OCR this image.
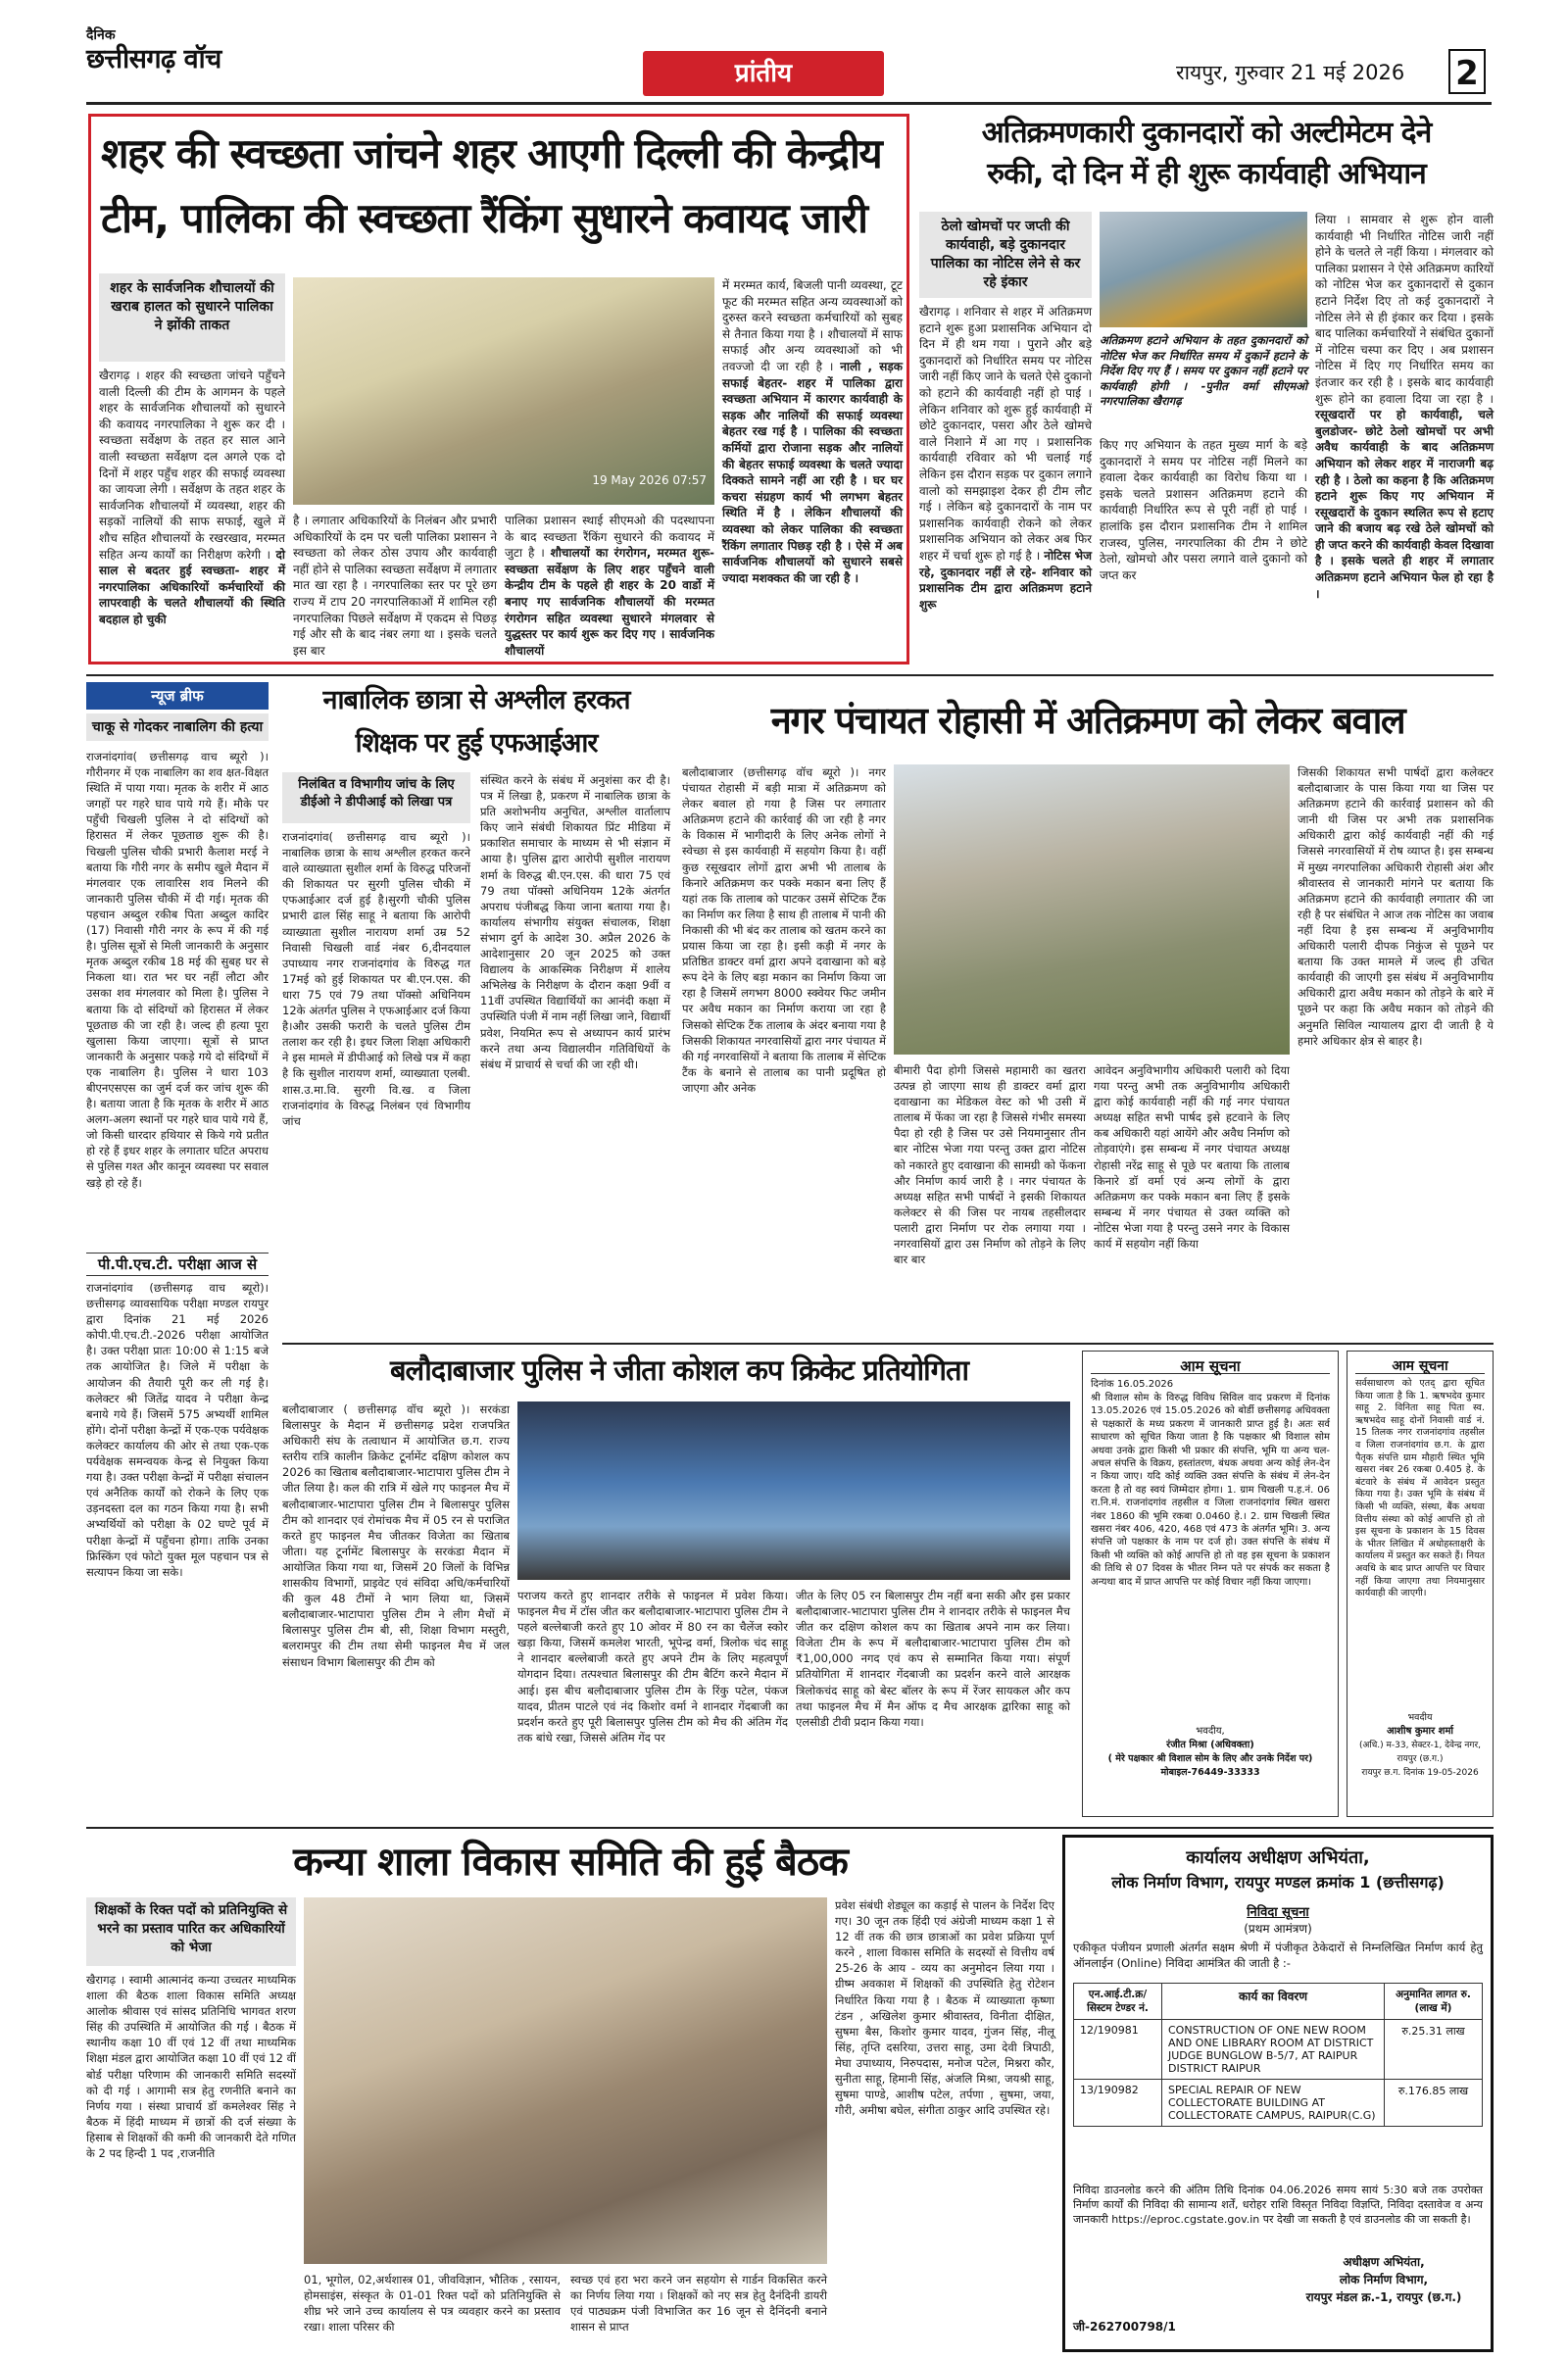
दैनिक
छत्तीसगढ़ वॉच	प्रांतीय	रायपुर, गुरुवार 21 मई 2026 2
शहर की स्वच्छता जांचने शहर आएगी दिल्ली की केन्द्रीय
टीम, पालिका की स्वच्छता रैंकिंग सुधारने कवायद जारी
शहर के सार्वजनिक शौचालयों की खराब हालत को सुधारने पालिका ने झोंकी ताकत
खैरागढ़ । शहर की स्वच्छता जांचने पहुँचने वाली दिल्ली की टीम के आगमन के पहले शहर के सार्वजनिक शौचालयों को सुधारने की कवायद नगरपालिका ने शुरू कर दी । स्वच्छता सर्वेक्षण के तहत हर साल आने वाली स्वच्छता सर्वेक्षण दल अगले एक दो दिनों में शहर पहुँच शहर की सफाई व्यवस्था का जायजा लेगी । सर्वेक्षण के तहत शहर के सार्वजनिक शौचालयों में व्यवस्था, शहर की सड़कों नालियों की साफ सफाई, खुले में शौच सहित शौचालयों के रखरखाव, मरम्मत सहित अन्य कार्यों का निरीक्षण करेगी । दो साल से बदतर हुई स्वच्छता- शहर में नगरपालिका अधिकारियों कर्मचारियों की लापरवाही के चलते शौचालयों की स्थिति बदहाल हो चुकी
19 May 2026 07:57
है । लगातार अधिकारियों के निलंबन और प्रभारी अधिकारियों के दम पर चली पालिका प्रशासन ने स्वच्छता को लेकर ठोस उपाय और कार्यवाही नहीं होने से पालिका स्वच्छता सर्वेक्षण में लगातार मात खा रहा है । नगरपालिका स्तर पर पूरे छग राज्य में टाप 20 नगरपालिकाओं में शामिल रही नगरपालिका पिछले सर्वेक्षण में एकदम से पिछड़ गई और सौ के बाद नंबर लगा था । इसके चलते इस बार
पालिका प्रशासन स्थाई सीएमओ की पदस्थापना के बाद स्वच्छता रैंकिंग सुधारने की कवायद में जुटा है । शौचालयों का रंगरोगन, मरम्मत शुरू- स्वच्छता सर्वेक्षण के लिए शहर पहुँचने वाली केन्द्रीय टीम के पहले ही शहर के 20 वार्डो में बनाए गए सार्वजनिक शौचालयों की मरम्मत रंगरोगन सहित व्यवस्था सुधारने मंगलवार से युद्धस्तर पर कार्य शुरू कर दिए गए । सार्वजनिक शौचालयों
में मरम्मत कार्य, बिजली पानी व्यवस्था, टूट फूट की मरम्मत सहित अन्य व्यवस्थाओं को दुरुस्त करने स्वच्छता कर्मचारियों को सुबह से तैनात किया गया है । शौचालयों में साफ सफाई और अन्य व्यवस्थाओं को भी तवज्जो दी जा रही है । नाली , सड़क सफाई बेहतर- शहर में पालिका द्वारा स्वच्छता अभियान में कारगर कार्यवाही के सड़क और नालियों की सफाई व्यवस्था बेहतर रख गई है । पालिका की स्वच्छता कर्मियों द्वारा रोजाना सड़क और नालियों की बेहतर सफाई व्यवस्था के चलते ज्यादा दिक्कते सामने नहीं आ रही है । घर घर कचरा संग्रहण कार्य भी लगभग बेहतर स्थिति में है । लेकिन शौचालयों की व्यवस्था को लेकर पालिका की स्वच्छता रैंकिंग लगातार पिछड़ रही है । ऐसे में अब सार्वजनिक शौचालयों को सुधारने सबसे ज्यादा मशक्कत की जा रही है ।
अतिक्रमणकारी दुकानदारों को अल्टीमेटम देने
रुकी, दो दिन में ही शुरू कार्यवाही अभियान
ठेलो खोमचों पर जप्ती की कार्यवाही, बड़े दुकानदार पालिका का नोटिस लेने से कर रहे इंकार
खैरागढ़ । शनिवार से शहर में अतिक्रमण हटाने शुरू हुआ प्रशासनिक अभियान दो दिन में ही थम गया । पुराने और बड़े दुकानदारों को निर्धारित समय पर नोटिस जारी नहीं किए जाने के चलते ऐसे दुकानो को हटाने की कार्यवाही नहीं हो पाई । लेकिन शनिवार को शुरू हुई कार्यवाही में छोटे दुकानदार, पसरा और ठेले खोमचे वाले निशाने में आ गए । प्रशासनिक कार्यवाही रविवार को भी चलाई गई लेकिन इस दौरान सड़क पर दुकान लगाने वालो को समझाइश देकर ही टीम लौट गई । लेकिन बड़े दुकानदारों के नाम पर प्रशासनिक कार्यवाही रोकने को लेकर प्रशासनिक अभियान को लेकर अब फिर शहर में चर्चा शुरू हो गई है । नोटिस भेज रहे, दुकानदार नहीं ले रहे- शनिवार को प्रशासनिक टीम द्वारा अतिक्रमण हटाने शुरू
अतिक्रमण हटाने अभियान के तहत दुकानदारों को नोटिस भेज कर निर्धारित समय में दुकानें हटाने के निर्देश दिए गए हैं । समय पर दुकान नहीं हटाने पर कार्यवाही होगी । -पुनीत वर्मा सीएमओ नगरपालिका खैरागढ़
किए गए अभियान के तहत मुख्य मार्ग के बड़े दुकानदारों ने समय पर नोटिस नहीं मिलने का हवाला देकर कार्यवाही का विरोध किया था । इसके चलते प्रशासन अतिक्रमण हटाने की कार्यवाही निर्धारित रूप से पूरी नहीं हो पाई । हालांकि इस दौरान प्रशासनिक टीम ने शामिल राजस्व, पुलिस, नगरपालिका की टीम ने छोटे ठेलो, खोमचो और पसरा लगाने वाले दुकानो को जप्त कर
लिया । सामवार से शुरू होन वाली कार्यवाही भी निर्धारित नोटिस जारी नहीं होने के चलते ले नहीं किया । मंगलवार को पालिका प्रशासन ने ऐसे अतिक्रमण कारियों को नोटिस भेज कर दुकानदारों से दुकान हटाने निर्देश दिए तो कई दुकानदारों ने नोटिस लेने से ही इंकार कर दिया । इसके बाद पालिका कर्मचारियों ने संबंधित दुकानों में नोटिस चस्पा कर दिए । अब प्रशासन नोटिस में दिए गए निर्धारित समय का इंतजार कर रही है । इसके बाद कार्यवाही शुरू होने का हवाला दिया जा रहा है । रसूखदारों पर हो कार्यवाही, चले बुलडोजर- छोटे ठेलो खोमचों पर अभी अवैध कार्यवाही के बाद अतिक्रमण अभियान को लेकर शहर में नाराजगी बढ़ रही है । ठेलो का कहना है कि अतिक्रमण हटाने शुरू किए गए अभियान में रसूखदारों के दुकान स्थलित रूप से हटाए जाने की बजाय बढ़ रखे ठेले खोमचों को ही जप्त करने की कार्यवाही केवल दिखावा है । इसके चलते ही शहर में लगातार अतिक्रमण हटाने अभियान फेल हो रहा है ।
न्यूज ब्रीफ
चाकू से गोदकर नाबालिग की हत्या
राजनांदगांव( छत्तीसगढ़ वाच ब्यूरो )। गौरीनगर में एक नाबालिग का शव क्षत-विक्षत स्थिति में पाया गया। मृतक के शरीर में आठ जगहों पर गहरे घाव पाये गये हैं। मौके पर पहुँची चिखली पुलिस ने दो संदिग्धों को हिरासत में लेकर पूछताछ शुरू की है। चिखली पुलिस चौकी प्रभारी कैलाश मरई ने बताया कि गौरी नगर के समीप खुले मैदान में मंगलवार एक लावारिस शव मिलने की जानकारी पुलिस चौकी में दी गई। मृतक की पहचान अब्दुल रकीब पिता अब्दुल कादिर (17) निवासी गौरी नगर के रूप में की गई है। पुलिस सूत्रों से मिली जानकारी के अनुसार मृतक अब्दुल रकीब 18 मई की सुबह घर से निकला था। रात भर घर नहीं लौटा और उसका शव मंगलवार को मिला है। पुलिस ने बताया कि दो संदिग्धों को हिरासत में लेकर पूछताछ की जा रही है। जल्द ही हत्या पूरा खुलासा किया जाएगा। सूत्रों से प्राप्त जानकारी के अनुसार पकड़े गये दो संदिग्धों में एक नाबालिग है। पुलिस ने धारा 103 बीएनएसएस का जुर्म दर्ज कर जांच शुरू की है। बताया जाता है कि मृतक के शरीर में आठ अलग-अलग स्थानों पर गहरे घाव पाये गये हैं, जो किसी धारदार हथियार से किये गये प्रतीत हो रहे हैं इधर शहर के लगातार घटित अपराध से पुलिस गश्त और कानून व्यवस्था पर सवाल खड़े हो रहे हैं।
पी.पी.एच.टी. परीक्षा आज से
राजनांदगांव (छत्तीसगढ़ वाच ब्यूरो)। छत्तीसगढ़ व्यावसायिक परीक्षा मण्डल रायपुर द्वारा दिनांक 21 मई 2026 कोपी.पी.एच.टी.-2026 परीक्षा आयोजित है। उक्त परीक्षा प्रातः 10:00 से 1:15 बजे तक आयोजित है। जिले में परीक्षा के आयोजन की तैयारी पूरी कर ली गई है। कलेक्टर श्री जितेंद्र यादव ने परीक्षा केन्द्र बनाये गये हैं। जिसमें 575 अभ्यर्थी शामिल होंगे। दोनों परीक्षा केन्द्रों में एक-एक पर्यवेक्षक कलेक्टर कार्यालय की ओर से तथा एक-एक पर्यवेक्षक समन्वयक केन्द्र से नियुक्त किया गया है। उक्त परीक्षा केन्द्रों में परीक्षा संचालन एवं अनैतिक कार्यों को रोकने के लिए एक उड़नदस्ता दल का गठन किया गया है। सभी अभ्यर्थियों को परीक्षा के 02 घण्टे पूर्व में परीक्षा केन्द्रों में पहुँचना होगा। ताकि उनका फ्रिस्किंग एवं फोटो युक्त मूल पहचान पत्र से सत्यापन किया जा सके।
नाबालिक छात्रा से अश्लील हरकत
शिक्षक पर हुई एफआईआर
निलंबित व विभागीय जांच के लिए डीईओ ने डीपीआई को लिखा पत्र
राजनांदगांव( छत्तीसगढ़ वाच ब्यूरो )। नाबालिक छात्रा के साथ अश्लील हरकत करने वाले व्याख्याता सुशील शर्मा के विरुद्ध परिजनों की शिकायत पर सुरगी पुलिस चौकी में एफआईआर दर्ज हुई है।सुरगी चौकी पुलिस प्रभारी ढाल सिंह साहू ने बताया कि आरोपी व्याख्याता सुशील नारायण शर्मा उम्र 52 निवासी चिखली वार्ड नंबर 6,दीनदयाल उपाध्याय नगर राजनांदगांव के विरुद्ध गत 17मई को हुई शिकायत पर बी.एन.एस. की धारा 75 एवं 79 तथा पॉक्सो अधिनियम 12के अंतर्गत पुलिस ने एफआईआर दर्ज किया है।और उसकी फरारी के चलते पुलिस टीम तलाश कर रही है। इधर जिला शिक्षा अधिकारी ने इस मामले में डीपीआई को लिखे पत्र में कहा है कि सुशील नारायण शर्मा, व्याख्याता एलबी. शास.उ.मा.वि. सुरगी वि.ख. व जिला राजनांदगांव के विरुद्ध निलंबन एवं विभागीय जांच
संस्थित करने के संबंध में अनुशंसा कर दी है। पत्र में लिखा है, प्रकरण में नाबालिक छात्रा के प्रति अशोभनीय अनुचित, अश्लील वार्तालाप किए जाने संबंधी शिकायत प्रिंट मीडिया में प्रकाशित समाचार के माध्यम से भी संज्ञान में आया है। पुलिस द्वारा आरोपी सुशील नारायण शर्मा के विरुद्ध बी.एन.एस. की धारा 75 एवं 79 तथा पॉक्सो अधिनियम 12के अंतर्गत अपराध पंजीबद्ध किया जाना बताया गया है। कार्यालय संभागीय संयुक्त संचालक, शिक्षा संभाग दुर्ग के आदेश 30. अप्रैल 2026 के आदेशानुसार 20 जून 2025 को उक्त विद्यालय के आकस्मिक निरीक्षण में शालेय अभिलेख के निरीक्षण के दौरान कक्षा 9वीं व 11वीं उपस्थित विद्यार्थियों का आनंदी कक्षा में उपस्थिति पंजी में नाम नहीं लिखा जाने, विद्यार्थी प्रवेश, नियमित रूप से अध्यापन कार्य प्रारंभ करने तथा अन्य विद्यालयीन गतिविधियों के संबंध में प्राचार्य से चर्चा की जा रही थी।
नगर पंचायत रोहासी में अतिक्रमण को लेकर बवाल
बलौदाबाजार (छत्तीसगढ़ वॉच ब्यूरो )। नगर पंचायत रोहासी में बड़ी मात्रा में अतिक्रमण को लेकर बवाल हो गया है जिस पर लगातार अतिक्रमण हटाने की कार्रवाई की जा रही है नगर के विकास में भागीदारी के लिए अनेक लोगों ने स्वेच्छा से इस कार्यवाही में सहयोग किया है। वहीं कुछ रसूखदार लोगों द्वारा अभी भी तालाब के किनारे अतिक्रमण कर पक्के मकान बना लिए हैं यहां तक कि तालाब को पाटकर उसमें सेप्टिक टैंक का निर्माण कर लिया है साथ ही तालाब में पानी की निकासी की भी बंद कर तालाब को खतम करने का प्रयास किया जा रहा है। इसी कड़ी में नगर के प्रतिष्ठित डाक्टर वर्मा द्वारा अपने दवाखाना को बड़े रूप देने के लिए बड़ा मकान का निर्माण किया जा रहा है जिसमें लगभग 8000 स्क्वेयर फिट जमीन पर अवैध मकान का निर्माण कराया जा रहा है जिसको सेप्टिक टैंक तालाब के अंदर बनाया गया है जिसकी शिकायत नगरवासियों द्वारा नगर पंचायत में की गई नगरवासियों ने बताया कि तालाब में सेप्टिक टैंक के बनाने से तालाब का पानी प्रदूषित हो जाएगा और अनेक
बीमारी पैदा होगी जिससे महामारी का खतरा उत्पन्न हो जाएगा साथ ही डाक्टर वर्मा द्वारा दवाखाना का मेडिकल वेस्ट को भी उसी में तालाब में फेंका जा रहा है जिससे गंभीर समस्या पैदा हो रही है जिस पर उसे नियमानुसार तीन बार नोटिस भेजा गया परन्तु उक्त द्वारा नोटिस को नकारते हुए दवाखाना की सामग्री को फेंकना और निर्माण कार्य जारी है । नगर पंचायत के अध्यक्ष सहित सभी पार्षदों ने इसकी शिकायत कलेक्टर से की जिस पर नायब तहसीलदार पलारी द्वारा निर्माण पर रोक लगाया गया । नगरवासियों द्वारा उस निर्माण को तोड़ने के लिए बार बार
आवेदन अनुविभागीय अधिकारी पलारी को दिया गया परन्तु अभी तक अनुविभागीय अधिकारी द्वारा कोई कार्यवाही नहीं की गई नगर पंचायत अध्यक्ष सहित सभी पार्षद इसे हटवाने के लिए कब अधिकारी यहां आयेंगे और अवैध निर्माण को तोड़वाएंगे। इस सम्बन्ध में नगर पंचायत अध्यक्ष रोहासी नरेंद्र साहू से पूछे पर बताया कि तालाब किनारे डॉ वर्मा एवं अन्य लोगों के द्वारा अतिक्रमण कर पक्के मकान बना लिए हैं इसके सम्बन्ध में नगर पंचायत से उक्त व्यक्ति को नोटिस भेजा गया है परन्तु उसने नगर के विकास कार्य में सहयोग नहीं किया
जिसकी शिकायत सभी पार्षदों द्वारा कलेक्टर बलौदाबाजार के पास किया गया था जिस पर अतिक्रमण हटाने की कार्रवाई प्रशासन को की जानी थी जिस पर अभी तक प्रशासनिक अधिकारी द्वारा कोई कार्यवाही नहीं की गई जिससे नगरवासियों में रोष व्याप्त है। इस सम्बन्ध में मुख्य नगरपालिका अधिकारी रोहासी अंश और श्रीवास्तव से जानकारी मांगने पर बताया कि अतिक्रमण हटाने की कार्यवाही लगातार की जा रही है पर संबंधित ने आज तक नोटिस का जवाब नहीं दिया है इस सम्बन्ध में अनुविभागीय अधिकारी पलारी दीपक निकुंज से पूछने पर बताया कि उक्त मामले में जल्द ही उचित कार्यवाही की जाएगी इस संबंध में अनुविभागीय अधिकारी द्वारा अवैध मकान को तोड़ने के बारे में पूछने पर कहा कि अवैध मकान को तोड़ने की अनुमति सिविल न्यायालय द्वारा दी जाती है ये हमारे अधिकार क्षेत्र से बाहर है।
बलौदाबाजार पुलिस ने जीता कोशल कप क्रिकेट प्रतियोगिता
बलौदाबाजार ( छत्तीसगढ़ वॉच ब्यूरो )। सरकंडा बिलासपुर के मैदान में छत्तीसगढ़ प्रदेश राजपत्रित अधिकारी संघ के तत्वाधान में आयोजित छ.ग. राज्य स्तरीय रात्रि कालीन क्रिकेट टूर्नामेंट दक्षिण कोशल कप 2026 का खिताब बलौदाबाजार-भाटापारा पुलिस टीम ने जीत लिया है। कल की रात्रि में खेले गए फाइनल मैच में बलौदाबाजार-भाटापारा पुलिस टीम ने बिलासपुर पुलिस टीम को शानदार एवं रोमांचक मैच में 05 रन से पराजित करते हुए फाइनल मैच जीतकर विजेता का खिताब जीता। यह टूर्नामेंट बिलासपुर के सरकंडा मैदान में आयोजित किया गया था, जिसमें 20 जिलों के विभिन्न शासकीय विभागों, प्राइवेट एवं संविदा अधि/कर्मचारियों की कुल 48 टीमों ने भाग लिया था, जिसमें बलौदाबाजार-भाटापारा पुलिस टीम ने लीग मैचों में बिलासपुर पुलिस टीम बी, सी, शिक्षा विभाग मस्तुरी, बलरामपुर की टीम तथा सेमी फाइनल मैच में जल संसाधन विभाग बिलासपुर की टीम को
पराजय करते हुए शानदार तरीके से फाइनल में प्रवेश किया। फाइनल मैच में टॉस जीत कर बलौदाबाजार-भाटापारा पुलिस टीम ने पहले बल्लेबाजी करते हुए 10 ओवर में 80 रन का चैलेंज स्कोर खड़ा किया, जिसमें कमलेश भारती, भूपेन्द्र वर्मा, त्रिलोक चंद साहू ने शानदार बल्लेबाजी करते हुए अपने टीम के लिए महत्वपूर्ण योगदान दिया। तत्पश्चात बिलासपुर की टीम बैटिंग करने मैदान में आई। इस बीच बलौदाबाजार पुलिस टीम के रिंकु पटेल, पंकज यादव, प्रीतम पाटले एवं नंद किशोर वर्मा ने शानदार गेंदबाजी का प्रदर्शन करते हुए पूरी बिलासपुर पुलिस टीम को मैच की अंतिम गेंद तक बांधे रखा, जिससे अंतिम गेंद पर
जीत के लिए 05 रन बिलासपुर टीम नहीं बना सकी और इस प्रकार बलौदाबाजार-भाटापारा पुलिस टीम ने शानदार तरीके से फाइनल मैच जीत कर दक्षिण कोशल कप का खिताब अपने नाम कर लिया। विजेता टीम के रूप में बलौदाबाजार-भाटापारा पुलिस टीम को ₹1,00,000 नगद एवं कप से सम्मानित किया गया। संपूर्ण प्रतियोगिता में शानदार गेंदबाजी का प्रदर्शन करने वाले आरक्षक त्रिलोकचंद साहू को बेस्ट बॉलर के रूप में रेंजर सायकल और कप तथा फाइनल मैच में मैन ऑफ द मैच आरक्षक द्वारिका साहू को एलसीडी टीवी प्रदान किया गया।
आम सूचना
दिनांक 16.05.2026
श्री विशाल सोम के विरुद्ध विविध सिविल वाद प्रकरण में दिनांक 13.05.2026 एवं 15.05.2026 को बोर्डी छत्तीसगढ़ अधिवक्ता से पक्षकारों के मध्य प्रकरण में जानकारी प्राप्त हुई है। अतः सर्व साधारण को सूचित किया जाता है कि पक्षकार श्री विशाल सोम अथवा उनके द्वारा किसी भी प्रकार की संपत्ति, भूमि या अन्य चल-अचल संपत्ति के विक्रय, हस्तांतरण, बंधक अथवा अन्य कोई लेन-देन न किया जाए। यदि कोई व्यक्ति उक्त संपत्ति के संबंध में लेन-देन करता है तो वह स्वयं जिम्मेदार होगा। 1. ग्राम चिखली प.ह.नं. 06 रा.नि.मं. राजनांदगांव तहसील व जिला राजनांदगांव स्थित खसरा नंबर 1860 की भूमि रकबा 0.0460 हे.। 2. ग्राम चिखली स्थित खसरा नंबर 406, 420, 468 एवं 473 के अंतर्गत भूमि। 3. अन्य संपत्ति जो पक्षकार के नाम पर दर्ज हो। उक्त संपत्ति के संबंध में किसी भी व्यक्ति को कोई आपत्ति हो तो वह इस सूचना के प्रकाशन की तिथि से 07 दिवस के भीतर निम्न पते पर संपर्क कर सकता है अन्यथा बाद में प्राप्त आपत्ति पर कोई विचार नहीं किया जाएगा।
भवदीय,
रंजीत मिश्रा (अधिवक्ता)
( मेरे पक्षकार श्री विशाल सोम के लिए और उनके निर्देश पर) मोबाइल-76449-33333
आम सूचना
सर्वसाधारण को एतद् द्वारा सूचित किया जाता है कि 1. ऋषभदेव कुमार साहू 2. विनिता साहू पिता स्व. ऋषभदेव साहू दोनों निवासी वार्ड नं. 15 तिलक नगर राजनांदगांव तहसील व जिला राजनांदगांव छ.ग. के द्वारा पैतृक संपत्ति ग्राम मौहारी स्थित भूमि खसरा नंबर 26 रकबा 0.405 हे. के बंटवारे के संबंध में आवेदन प्रस्तुत किया गया है। उक्त भूमि के संबंध में किसी भी व्यक्ति, संस्था, बैंक अथवा वित्तीय संस्था को कोई आपत्ति हो तो इस सूचना के प्रकाशन के 15 दिवस के भीतर लिखित में अधोहस्ताक्षरी के कार्यालय में प्रस्तुत कर सकते हैं। नियत अवधि के बाद प्राप्त आपत्ति पर विचार नहीं किया जाएगा तथा नियमानुसार कार्यवाही की जाएगी।
भवदीय
आशीष कुमार शर्मा
(अधि.) म-33, सेक्टर-1, देवेन्द्र नगर, रायपुर (छ.ग.)
रायपुर छ.ग. दिनांक 19-05-2026
कन्या शाला विकास समिति की हुई बैठक
शिक्षकों के रिक्त पदों को प्रतिनियुक्ति से भरने का प्रस्ताव पारित कर अधिकारियों को भेजा
खैरागढ़ । स्वामी आत्मानंद कन्या उच्चतर माध्यमिक शाला की बैठक शाला विकास समिति अध्यक्ष आलोक श्रीवास एवं सांसद प्रतिनिधि भागवत शरण सिंह की उपस्थिति में आयोजित की गई । बैठक में स्थानीय कक्षा 10 वीं एवं 12 वीं तथा माध्यमिक शिक्षा मंडल द्वारा आयोजित कक्षा 10 वीं एवं 12 वीं बोर्ड परीक्षा परिणाम की जानकारी समिति सदस्यों को दी गई । आगामी सत्र हेतु रणनीति बनाने का निर्णय गया । संस्था प्राचार्य डॉ कमलेश्वर सिंह ने बैठक में हिंदी माध्यम में छात्रों की दर्ज संख्या के हिसाब से शिक्षकों की कमी की जानकारी देते गणित के 2 पद हिन्दी 1 पद ,राजनीति
01, भूगोल, 02,अर्थशास्त्र 01, जीवविज्ञान, भौतिक , रसायन, होमसाइंस, संस्कृत के 01-01 रिक्त पदों को प्रतिनियुक्ति से शीघ्र भरे जाने उच्च कार्यालय से पत्र व्यवहार करने का प्रस्ताव रखा। शाला परिसर की
स्वच्छ एवं हरा भरा करने जन सहयोग से गार्डन विकसित करने का निर्णय लिया गया । शिक्षकों को नए सत्र हेतु दैनंदिनी डायरी एवं पाठ्यक्रम पंजी विभाजित कर 16 जून से दैनिंदनी बनाने शासन से प्राप्त
प्रवेश संबंधी शेड्यूल का कड़ाई से पालन के निर्देश दिए गए। 30 जून तक हिंदी एवं अंग्रेजी माध्यम कक्षा 1 से 12 वीं तक की छात्र छात्राओं का प्रवेश प्रक्रिया पूर्ण करने , शाला विकास समिति के सदस्यों से वित्तीय वर्ष 25-26 के आय - व्यय का अनुमोदन लिया गया । ग्रीष्म अवकाश में शिक्षकों की उपस्थिति हेतु रोटेशन निर्धारित किया गया है । बैठक में व्याख्याता कृष्णा टंडन , अखिलेश कुमार श्रीवास्तव, विनीता दीक्षित, सुषमा बैस, किशोर कुमार यादव, गुंजन सिंह, नीलू सिंह, तृप्ति दसरिया, उत्तरा साहू, उमा देवी त्रिपाठी, मेघा उपाध्याय, निरुपदास, मनोज पटेल, मिश्नरा कौर, सुनीता साहू, हिमानी सिंह, अंजलि मिश्रा, जयश्री साहू, सुषमा पाण्डे, आशीष पटेल, तर्पणा , सुषमा, जया, गौरी, अमीषा बघेल, संगीता ठाकुर आदि उपस्थित रहे।
कार्यालय अधीक्षण अभियंता,
लोक निर्माण विभाग, रायपुर मण्डल क्रमांक 1 (छत्तीसगढ़)
निविदा सूचना
(प्रथम आमंत्रण)
एकीकृत पंजीयन प्रणाली अंतर्गत सक्षम श्रेणी में पंजीकृत ठेकेदारों से निम्नलिखित निर्माण कार्य हेतु ऑनलाईन (Online) निविदा आमंत्रित की जाती है :-
एन.आई.टी.क्र/ सिस्टम टेण्डर नं.	कार्य का विवरण	अनुमानित लागत रु. (लाख में)
12/190981	CONSTRUCTION OF ONE NEW ROOM AND ONE LIBRARY ROOM AT DISTRICT JUDGE BUNGLOW B-5/7, AT RAIPUR DISTRICT RAIPUR	रु.25.31 लाख
13/190982	SPECIAL REPAIR OF NEW COLLECTORATE BUILDING AT COLLECTORATE CAMPUS, RAIPUR(C.G)	रु.176.85 लाख
निविदा डाउनलोड करने की अंतिम तिथि दिनांक 04.06.2026 समय सायं 5:30 बजे तक उपरोक्त निर्माण कार्यों की निविदा की सामान्य शर्तें, धरोहर राशि विस्तृत निविदा विज्ञप्ति, निविदा दस्तावेज व अन्य जानकारी https://eproc.cgstate.gov.in पर देखी जा सकती है एवं डाउनलोड की जा सकती है।
अधीक्षण अभियंता,
लोक निर्माण विभाग,
रायपुर मंडल क्र.-1, रायपुर (छ.ग.)
जी-262700798/1
